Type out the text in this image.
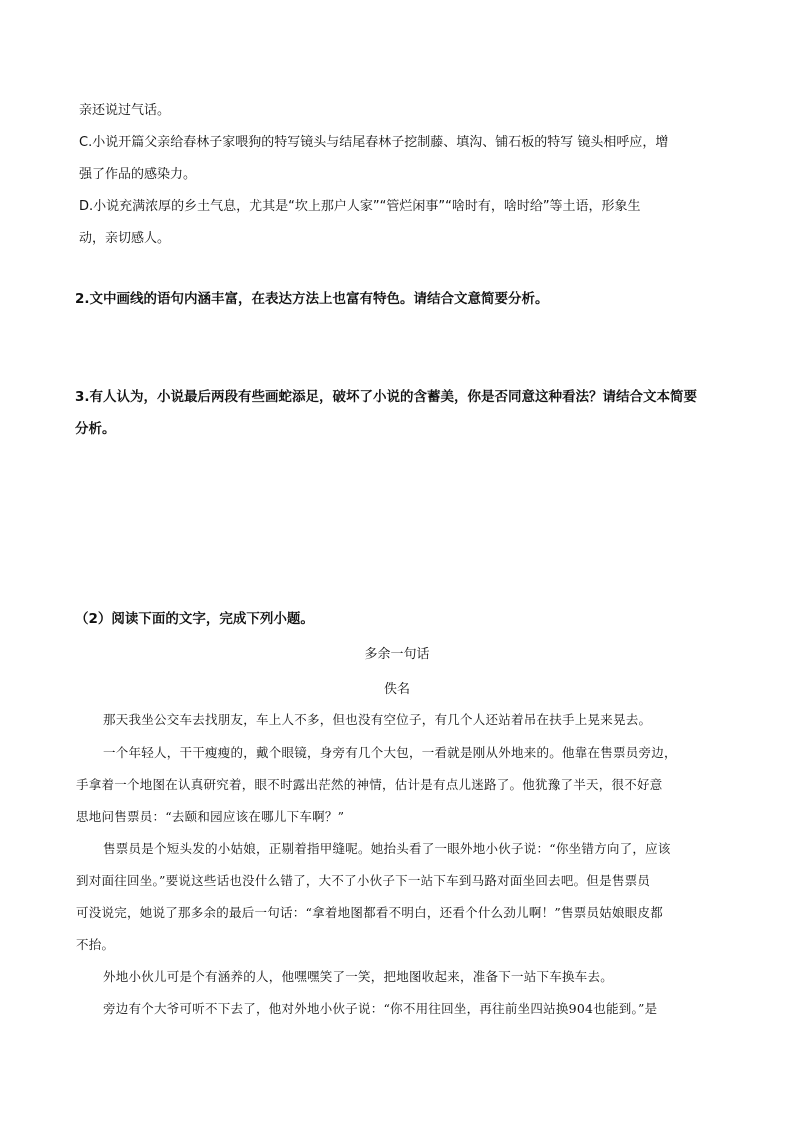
亲还说过气话。
C.小说开篇父亲给春林子家喂狗的特写镜头与结尾春林子挖制藤、填沟、铺石板的特写 镜头相呼应，增
强了作品的感染力。
D.小说充满浓厚的乡土气息，尤其是“坎上那户人家”“管烂闲事”“啥时有，啥时给”等土语，形象生
动，亲切感人。
2.文中画线的语句内涵丰富，在表达方法上也富有特色。请结合文意简要分析。
3.有人认为，小说最后两段有些画蛇添足，破坏了小说的含蓄美，你是否同意这种看法？请结合文本简要
分析。
（2）阅读下面的文字，完成下列小题。
多余一句话
佚名
那天我坐公交车去找朋友，车上人不多，但也没有空位子，有几个人还站着吊在扶手上晃来晃去。
一个年轻人，干干瘦瘦的，戴个眼镜，身旁有几个大包，一看就是刚从外地来的。他靠在售票员旁边，
手拿着一个地图在认真研究着，眼不时露出茫然的神情，估计是有点儿迷路了。他犹豫了半天，很不好意
思地问售票员：“去颐和园应该在哪儿下车啊？”
售票员是个短头发的小姑娘，正剔着指甲缝呢。她抬头看了一眼外地小伙子说：“你坐错方向了，应该
到对面往回坐。”要说这些话也没什么错了，大不了小伙子下一站下车到马路对面坐回去吧。但是售票员
可没说完，她说了那多余的最后一句话：“拿着地图都看不明白，还看个什么劲儿啊！”售票员姑娘眼皮都
不抬。
外地小伙儿可是个有涵养的人，他嘿嘿笑了一笑，把地图收起来，准备下一站下车换车去。
旁边有个大爷可听不下去了，他对外地小伙子说：“你不用往回坐，再往前坐四站换904也能到。”是
